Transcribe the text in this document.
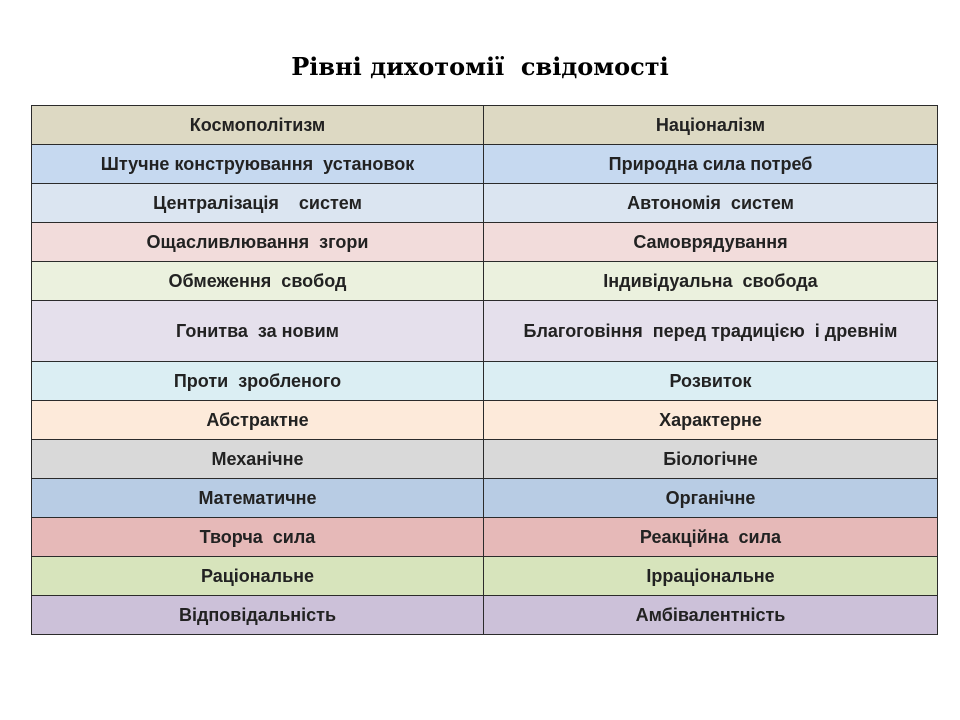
Рівні дихотомії  свідомості
Космополітизм	Націоналізм
Штучне конструювання  установок	Природна сила потреб
Централізація    систем	Автономія  систем
Ощасливлювання  згори	Самоврядування
Обмеження  свобод	Індивідуальна  свобода
Гонитва  за новим	Благоговіння  перед традицією  і древнім
Проти  зробленого	Розвиток
Абстрактне	Характерне
Механічне	Біологічне
Математичне	Органічне
Творча  сила	Реакційна  сила
Раціональне	Ірраціональне
Відповідальність	Амбівалентність
